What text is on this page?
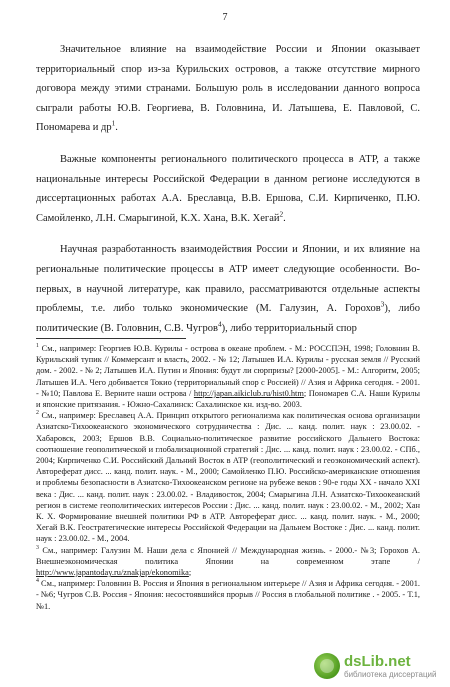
7

Значительное влияние на взаимодействие России и Японии оказывает территориальный спор из-за Курильских островов, а также отсутствие мирного договора между этими странами. Большую роль в исследовании данного вопроса сыграли работы Ю.В. Георгиева, В. Головнина, И. Латышева, Е. Павловой, С. Пономарева и $др^1$.

Важные компоненты регионального политического процесса в АТР, а также национальные интересы Российской Федерации в данном регионе исследуются в диссертационных работах А.А. Бреславца, В.В. Ершова, С.И. Кирпиченко, П.Ю. Самойленко, Л.Н. Смарыгиной, К.Х. Хана, В.К. Хегай$^2$.

Научная разработанность взаимодействия России и Японии, и их влияние на региональные политические процессы в АТР имеет следующие особенности. Во-первых, в научной литературе, как правило, рассматриваются отдельные аспекты проблемы, т.е. либо только экономические (М. Галузин, А. Горохов$^3$), либо политические (В. Головнин, С.В. Чугров$^4$), либо территориальный спор

$^1$ См., например: Георгиев Ю.В. Курилы - острова в океане проблем. - М.: РОССПЭН, 1998; Головнин В. Курильский тупик // Коммерсант и власть, 2002. - № 12; Латышев И.А. Курилы - русская земля // Русский дом. - 2002. - № 2; Латышев И.А. Путин и Япония: будут ли сюрпризы? [2000-2005]. - М.: Алгоритм, 2005; Латышев И.А. Чего добивается Токио (территориальный спор с Россией) // Азия и Африка сегодня. - 2001. - №10; Павлова Е. Верните наши острова / http://japan.aikiclub.ru/hist0.htm; Пономарев С.А. Наши Курилы и японские притязания. - Южно-Сахалинск: Сахалинское кн. изд-во. 2003.

$^2$ См., например: Бреславец А.А. Принцип открытого регионализма как политическая основа организации Азиатско-Тихоокеанского экономического сотрудничества : Дис. ... канд. полит. наук : 23.00.02. - Хабаровск, 2003; Ершов В.В. Социально-политическое развитие российского Дальнего Востока: соотношение геополитической и глобализационной стратегий : Дис. ... канд. полит. наук : 23.00.02. - СПб., 2004; Кирпиченко С.И. Российский Дальний Восток в АТР (геополитический и геоэкономический аспект). Автореферат дисс. ... канд. полит. наук. - М., 2000; Самойленко П.Ю. Российско-американские отношения и проблемы безопасности в Азиатско-Тихоокеанском регионе на рубеже веков : 90-е годы ХХ - начало ХХI века : Дис. ... канд. полит. наук : 23.00.02. - Владивосток, 2004; Смарыгина Л.Н. Азиатско-Тихоокеанский регион в системе геополитических интересов России : Дис. ... канд. полит. наук : 23.00.02. - М., 2002; Хан К. Х. Формирование внешней политики РФ в АТР. Автореферат дисс. ... канд. полит. наук. - М., 2000; Хегай В.К. Геостратегические интересы Российской Федерации на Дальнем Востоке : Дис. ... канд. полит. наук : 23.00.02. - М., 2004.

$^3$ См., например: Галузин М. Наши дела с Японией // Международная жизнь. - 2000.- №3; Горохов А. Внешнеэкономическая политика Японии на современном этапе / http://www.japantoday.ru/znakjap/ekonomika;

$^4$ См., например: Головнин В. Россия и Япония в региональном интерьере // Азия и Африка сегодня. - 2001. - №6; Чугров С.В. Россия - Япония: несостоявшийся прорыв // Россия в глобальной политике . - 2005. - Т.1, №1.

dsLib.net
библиотека диссертаций
